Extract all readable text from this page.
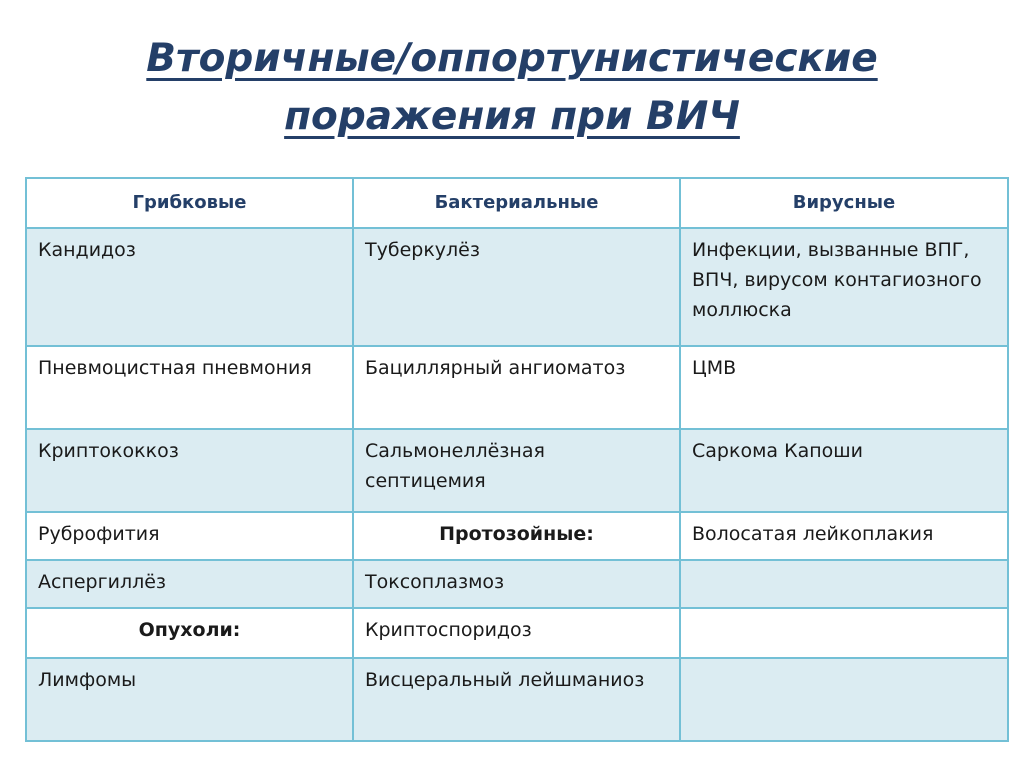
Вторичные/оппортунистические
поражения при ВИЧ
Грибковые	Бактериальные	Вирусные
Кандидоз	Туберкулёз	Инфекции, вызванные ВПГ, ВПЧ, вирусом контагиозного моллюска
Пневмоцистная пневмония	Бациллярный ангиоматоз	ЦМВ
Криптококкоз	Сальмонеллёзная септицемия	Саркома Капоши
Руброфития	Протозойные:	Волосатая лейкоплакия
Аспергиллёз	Токсоплазмоз	
Опухоли:	Криптоспоридоз	
Лимфомы	Висцеральный лейшманиоз	
